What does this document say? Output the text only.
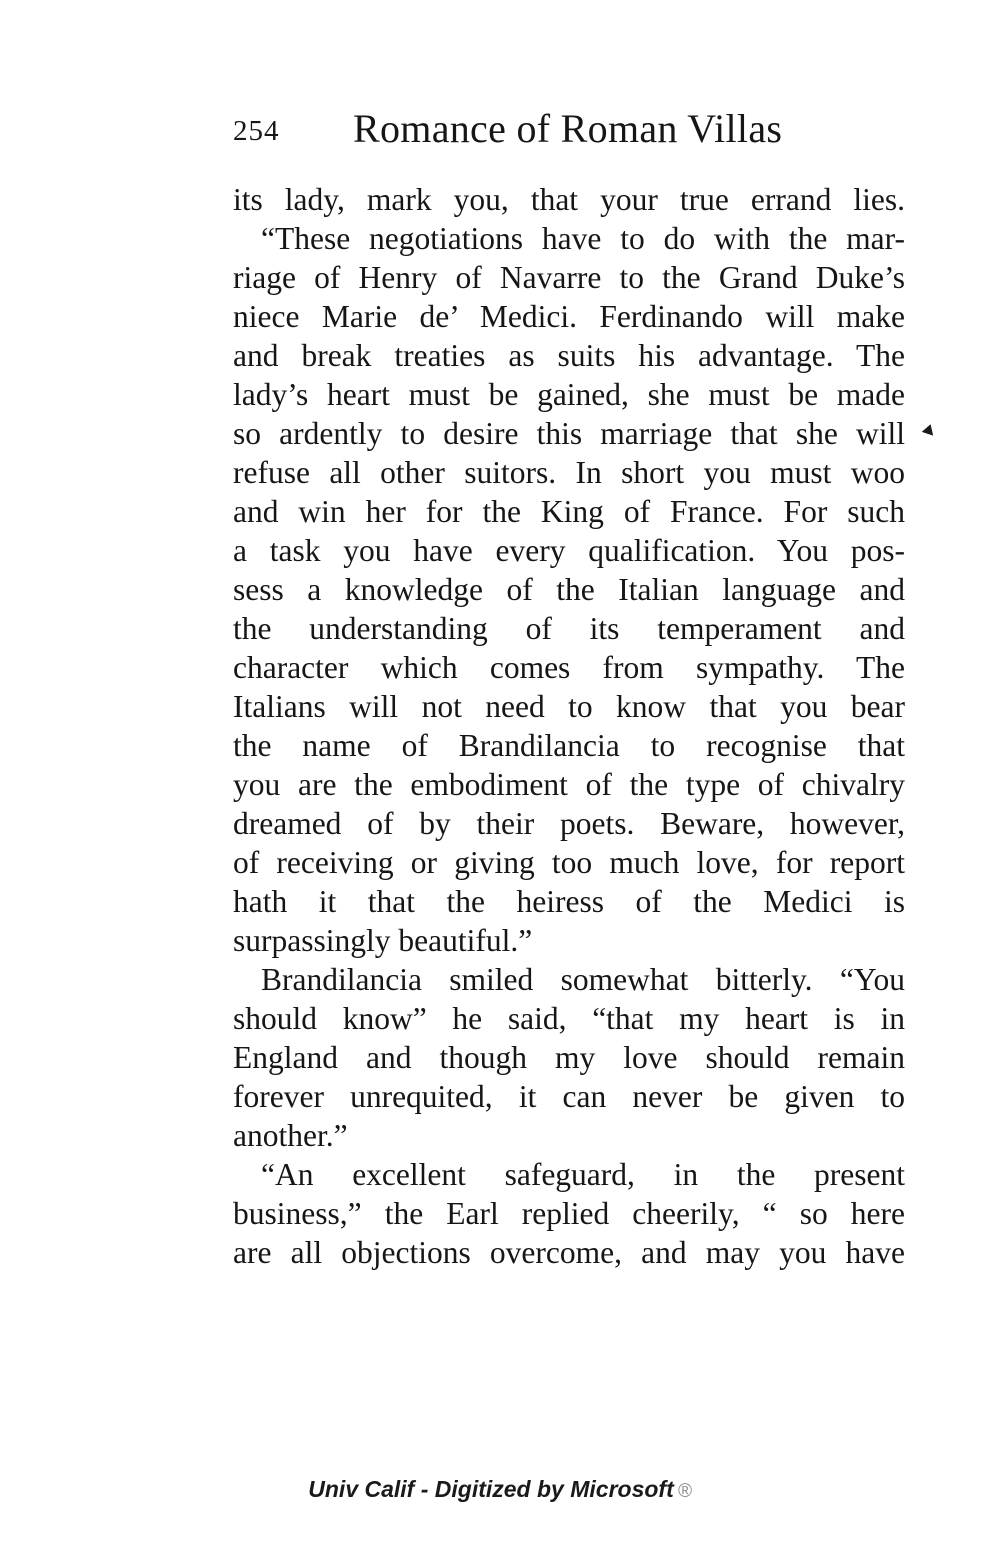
254 Romance of Roman Villas
its lady, mark you, that your true errand lies.
“These negotiations have to do with the mar-
riage of Henry of Navarre to the Grand Duke’s
niece Marie de’ Medici. Ferdinando will make
and break treaties as suits his advantage. The
lady’s heart must be gained, she must be made
so ardently to desire this marriage that she will
refuse all other suitors. In short you must woo
and win her for the King of France. For such
a task you have every qualification. You pos-
sess a knowledge of the Italian language and
the understanding of its temperament and
character which comes from sympathy. The
Italians will not need to know that you bear
the name of Brandilancia to recognise that
you are the embodiment of the type of chivalry
dreamed of by their poets. Beware, however,
of receiving or giving too much love, for report
hath it that the heiress of the Medici is
surpassingly beautiful.”
Brandilancia smiled somewhat bitterly. “You
should know” he said, “that my heart is in
England and though my love should remain
forever unrequited, it can never be given to
another.”
“An excellent safeguard, in the present
business,” the Earl replied cheerily, “ so here
are all objections overcome, and may you have
Univ Calif - Digitized by Microsoft ®
